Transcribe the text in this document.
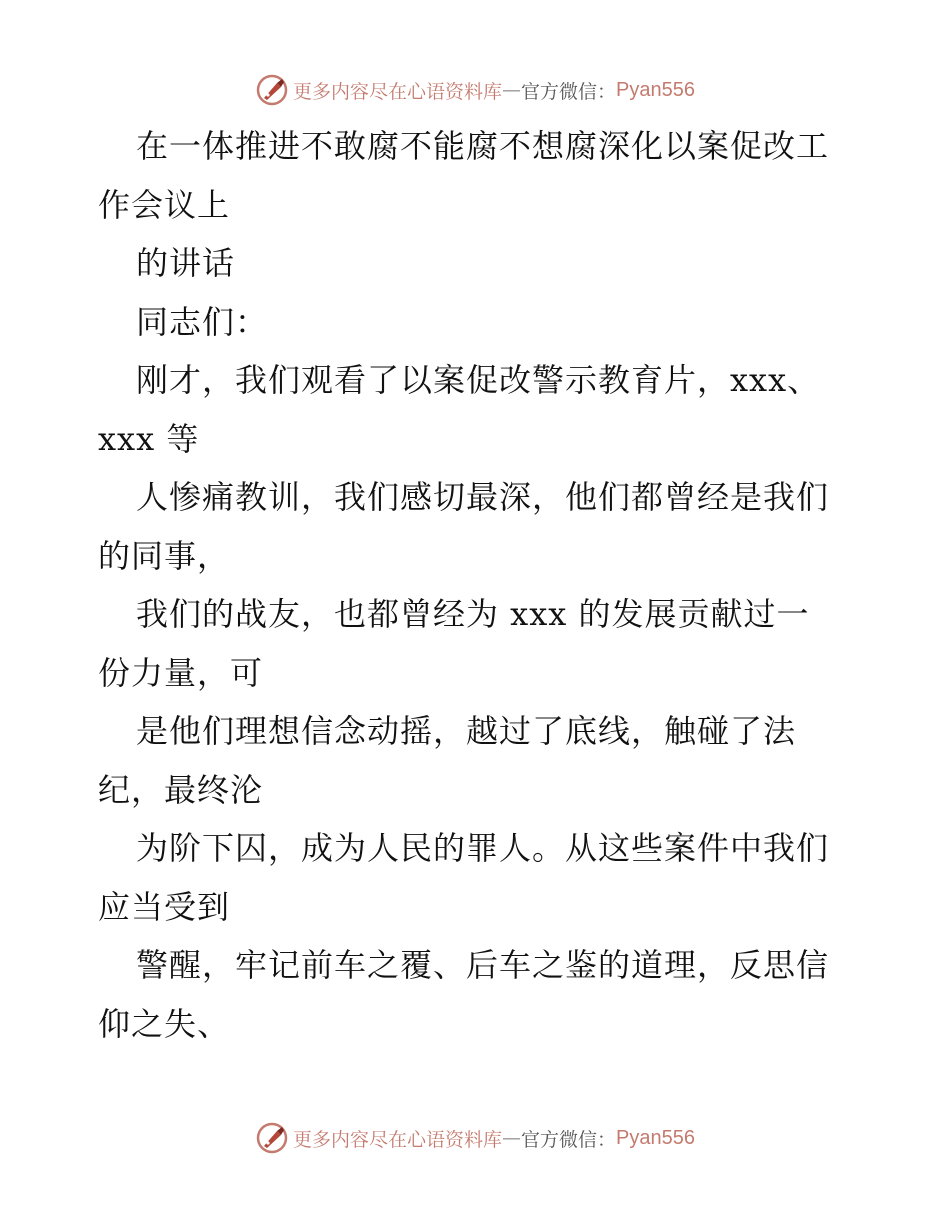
更多内容尽在心语资料库 — 官方微信： Pyan556
在一体推进不敢腐不能腐不想腐深化以案促改工
作会议上
的讲话
同志们：
刚才，我们观看了以案促改警示教育片，xxx、
xxx 等
人惨痛教训，我们感切最深，他们都曾经是我们
的同事，
我们的战友，也都曾经为 xxx 的发展贡献过一
份力量，可
是他们理想信念动摇，越过了底线，触碰了法
纪，最终沦
为阶下囚，成为人民的罪人。从这些案件中我们
应当受到
警醒，牢记前车之覆、后车之鉴的道理，反思信
仰之失、
更多内容尽在心语资料库 — 官方微信： Pyan556
